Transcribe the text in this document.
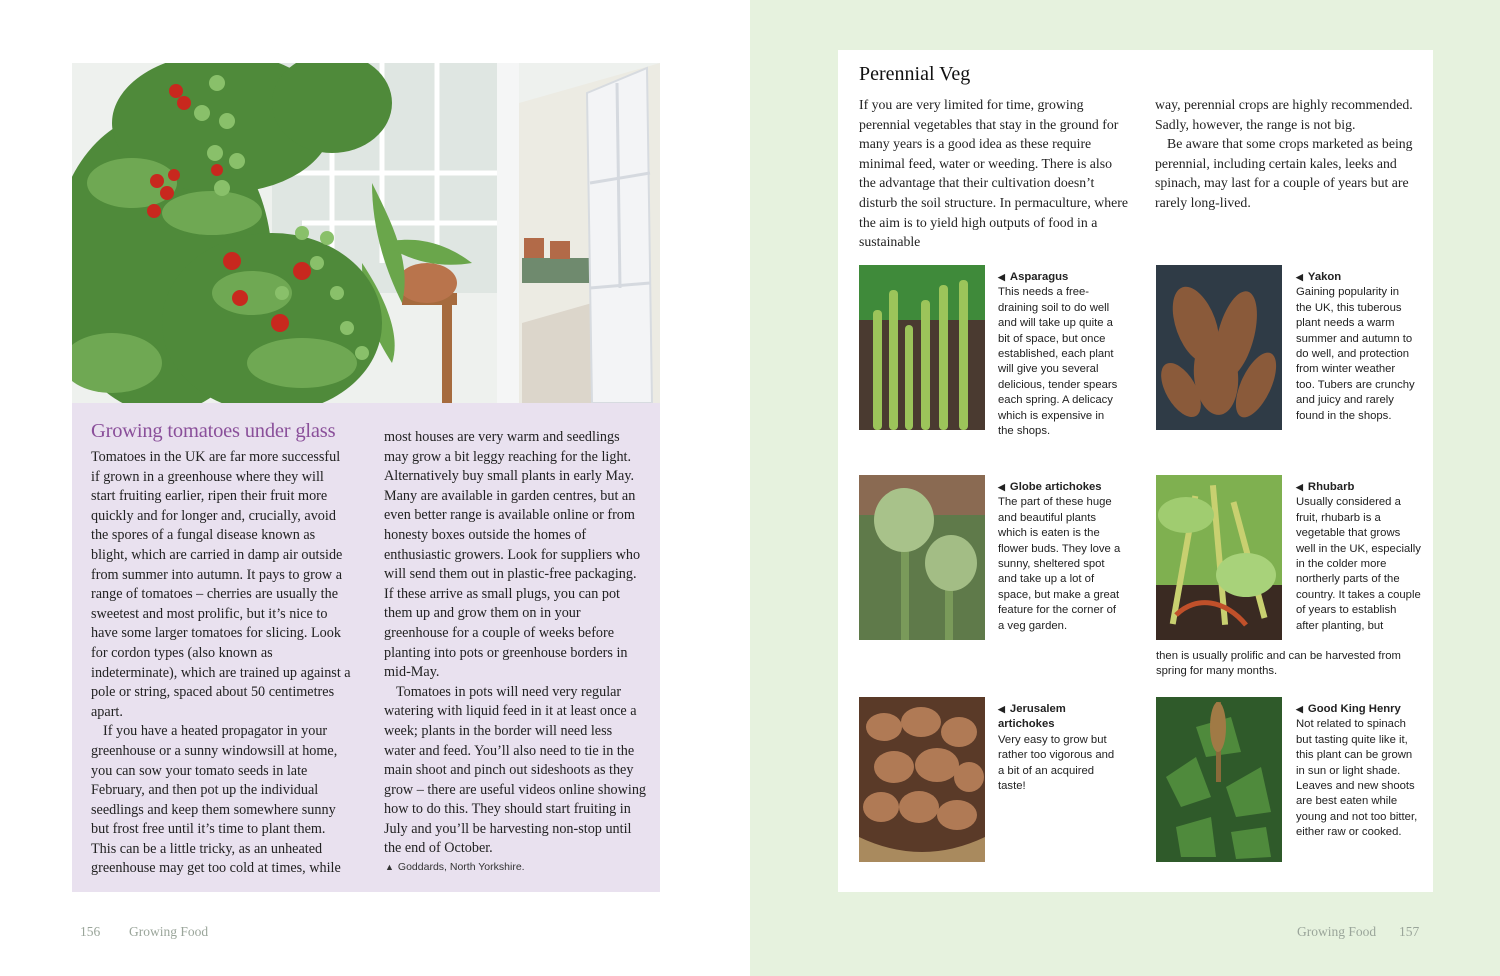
Growing tomatoes under glass

Tomatoes in the UK are far more successful if grown in a greenhouse where they will start fruiting earlier, ripen their fruit more quickly and for longer and, crucially, avoid the spores of a fungal disease known as blight, which are carried in damp air outside from summer into autumn. It pays to grow a range of tomatoes – cherries are usually the sweetest and most prolific, but it’s nice to have some larger tomatoes for slicing. Look for cordon types (also known as indeterminate), which are trained up against a pole or string, spaced about 50 centimetres apart.

If you have a heated propagator in your greenhouse or a sunny windowsill at home, you can sow your tomato seeds in late February, and then pot up the individual seedlings and keep them somewhere sunny but frost free until it’s time to plant them. This can be a little tricky, as an unheated greenhouse may get too cold at times, while

most houses are very warm and seedlings may grow a bit leggy reaching for the light. Alternatively buy small plants in early May. Many are available in garden centres, but an even better range is available online or from honesty boxes outside the homes of enthusiastic growers. Look for suppliers who will send them out in plastic-free packaging. If these arrive as small plugs, you can pot them up and grow them on in your greenhouse for a couple of weeks before planting into pots or greenhouse borders in mid-May.

Tomatoes in pots will need very regular watering with liquid feed in it at least once a week; plants in the border will need less water and feed. You’ll also need to tie in the main shoot and pinch out sideshoots as they grow – there are useful videos online showing how to do this. They should start fruiting in July and you’ll be harvesting non-stop until the end of October.

▲ Goddards, North Yorkshire.
156 Growing Food
Perennial Veg

If you are very limited for time, growing perennial vegetables that stay in the ground for many years is a good idea as these require minimal feed, water or weeding. There is also the advantage that their cultivation doesn’t disturb the soil structure. In permaculture, where the aim is to yield high outputs of food in a sustainable

way, perennial crops are highly recommended. Sadly, however, the range is not big.

Be aware that some crops marketed as being perennial, including certain kales, leeks and spinach, may last for a couple of years but are rarely long-lived.

◀ Asparagus
This needs a free-draining soil to do well and will take up quite a bit of space, but once established, each plant will give you several delicious, tender spears each spring. A delicacy which is expensive in the shops.
◀ Yakon
Gaining popularity in the UK, this tuberous plant needs a warm summer and autumn to do well, and protection from winter weather too. Tubers are crunchy and juicy and rarely found in the shops.
◀ Globe artichokes
The part of these huge and beautiful plants which is eaten is the flower buds. They love a sunny, sheltered spot and take up a lot of space, but make a great feature for the corner of a veg garden.
◀ Rhubarb
Usually considered a fruit, rhubarb is a vegetable that grows well in the UK, especially in the colder more northerly parts of the country. It takes a couple of years to establish after planting, but
then is usually prolific and can be harvested from spring for many months.
◀ Jerusalem artichokes
Very easy to grow but rather too vigorous and a bit of an acquired taste!
◀ Good King Henry
Not related to spinach but tasting quite like it, this plant can be grown in sun or light shade. Leaves and new shoots are best eaten while young and not too bitter, either raw or cooked.
Growing Food 157
